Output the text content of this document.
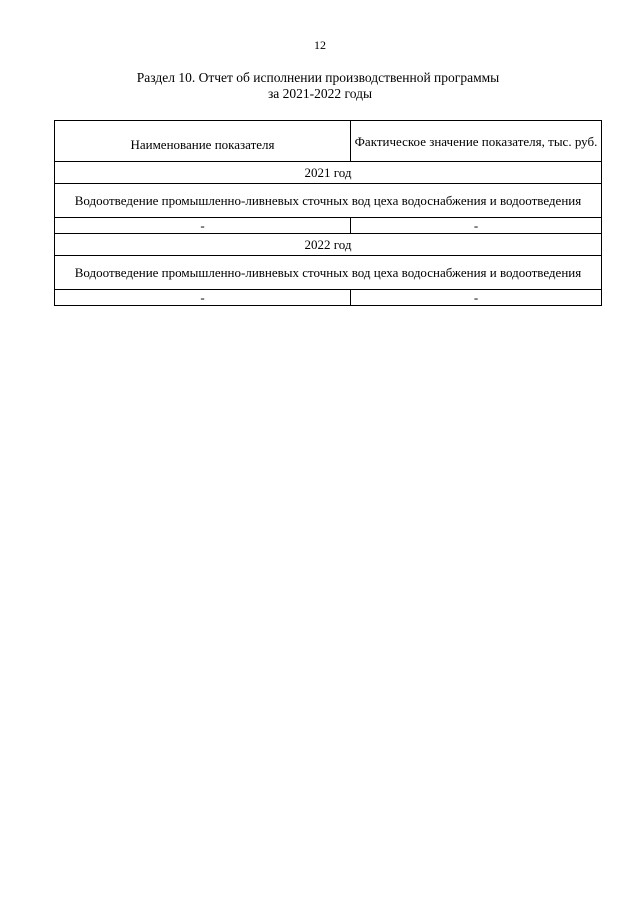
12
Раздел 10. Отчет об исполнении производственной программы
за 2021-2022 годы
Наименование показателя	Фактическое значение показателя, тыс. руб.
2021 год	
Водоотведение промышленно-ливневых сточных вод цеха водоснабжения и водоотведения	
-	-
2022 год	
Водоотведение промышленно-ливневых сточных вод цеха водоснабжения и водоотведения	
-	-
